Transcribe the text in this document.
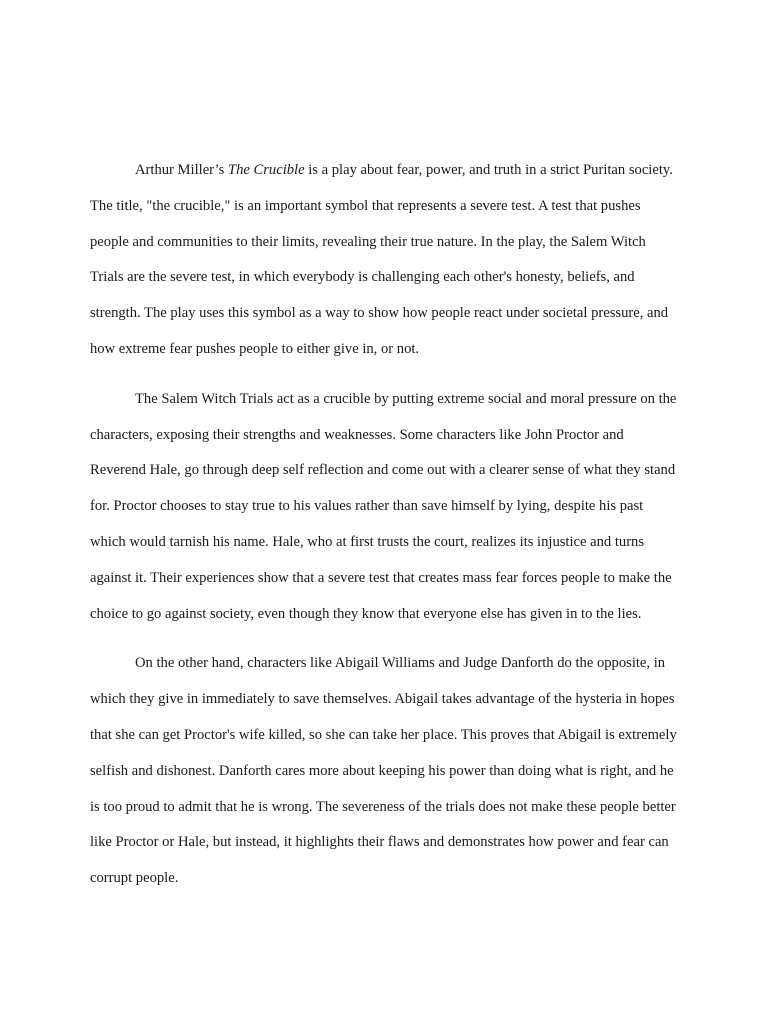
Arthur Miller’s The Crucible is a play about fear, power, and truth in a strict Puritan society. The title, "the crucible," is an important symbol that represents a severe test. A test that pushes people and communities to their limits, revealing their true nature. In the play, the Salem Witch Trials are the severe test, in which everybody is challenging each other's honesty, beliefs, and strength. The play uses this symbol as a way to show how people react under societal pressure, and how extreme fear pushes people to either give in, or not.

The Salem Witch Trials act as a crucible by putting extreme social and moral pressure on the characters, exposing their strengths and weaknesses. Some characters like John Proctor and Reverend Hale, go through deep self reflection and come out with a clearer sense of what they stand for. Proctor chooses to stay true to his values rather than save himself by lying, despite his past which would tarnish his name. Hale, who at first trusts the court, realizes its injustice and turns against it. Their experiences show that a severe test that creates mass fear forces people to make the choice to go against society, even though they know that everyone else has given in to the lies.

On the other hand, characters like Abigail Williams and Judge Danforth do the opposite, in which they give in immediately to save themselves. Abigail takes advantage of the hysteria in hopes that she can get Proctor's wife killed, so she can take her place. This proves that Abigail is extremely selfish and dishonest. Danforth cares more about keeping his power than doing what is right, and he is too proud to admit that he is wrong. The severeness of the trials does not make these people better like Proctor or Hale, but instead, it highlights their flaws and demonstrates how power and fear can corrupt people.
